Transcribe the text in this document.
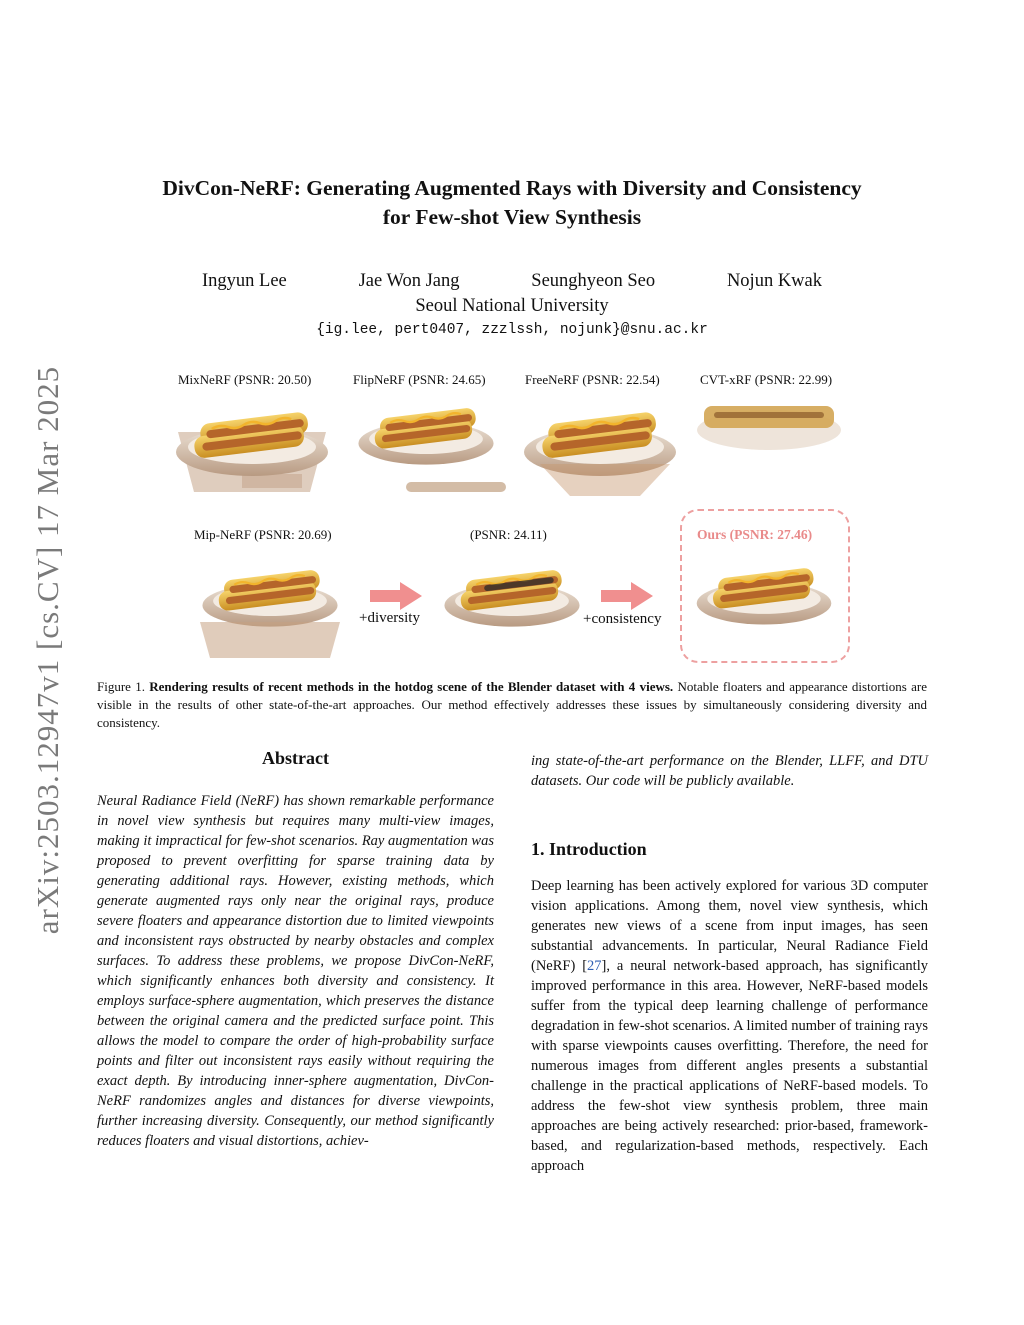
arXiv:2503.12947v1 [cs.CV] 17 Mar 2025
DivCon-NeRF: Generating Augmented Rays with Diversity and Consistency
for Few-shot View Synthesis
Ingyun Lee	Jae Won Jang	Seunghyeon Seo	Nojun Kwak
Seoul National University
{ig.lee, pert0407, zzzlssh, nojunk}@snu.ac.kr
MixNeRF (PSNR: 20.50)	FlipNeRF (PSNR: 24.65)	FreeNeRF (PSNR: 22.54)	CVT-xRF (PSNR: 22.99)
Mip-NeRF (PSNR: 20.69)	(PSNR: 24.11)	Ours (PSNR: 27.46)
+diversity	+consistency
Figure 1. Rendering results of recent methods in the hotdog scene of the Blender dataset with 4 views. Notable floaters and appearance distortions are visible in the results of other state-of-the-art approaches. Our method effectively addresses these issues by simultaneously considering diversity and consistency.
Abstract

Neural Radiance Field (NeRF) has shown remarkable performance in novel view synthesis but requires many multi-view images, making it impractical for few-shot scenarios. Ray augmentation was proposed to prevent overfitting for sparse training data by generating additional rays. However, existing methods, which generate augmented rays only near the original rays, produce severe floaters and appearance distortion due to limited viewpoints and inconsistent rays obstructed by nearby obstacles and complex surfaces. To address these problems, we propose DivCon-NeRF, which significantly enhances both diversity and consistency. It employs surface-sphere augmentation, which preserves the distance between the original camera and the predicted surface point. This allows the model to compare the order of high-probability surface points and filter out inconsistent rays easily without requiring the exact depth. By introducing inner-sphere augmentation, DivCon-NeRF randomizes angles and distances for diverse viewpoints, further increasing diversity. Consequently, our method significantly reduces floaters and visual distortions, achiev-

ing state-of-the-art performance on the Blender, LLFF, and DTU datasets. Our code will be publicly available.

1. Introduction

Deep learning has been actively explored for various 3D computer vision applications. Among them, novel view synthesis, which generates new views of a scene from input images, has seen substantial advancements. In particular, Neural Radiance Field (NeRF) [27], a neural network-based approach, has significantly improved performance in this area. However, NeRF-based models suffer from the typical deep learning challenge of performance degradation in few-shot scenarios. A limited number of training rays with sparse viewpoints causes overfitting. Therefore, the need for numerous images from different angles presents a substantial challenge in the practical applications of NeRF-based models. To address the few-shot view synthesis problem, three main approaches are being actively researched: prior-based, framework-based, and regularization-based methods, respectively. Each approach
